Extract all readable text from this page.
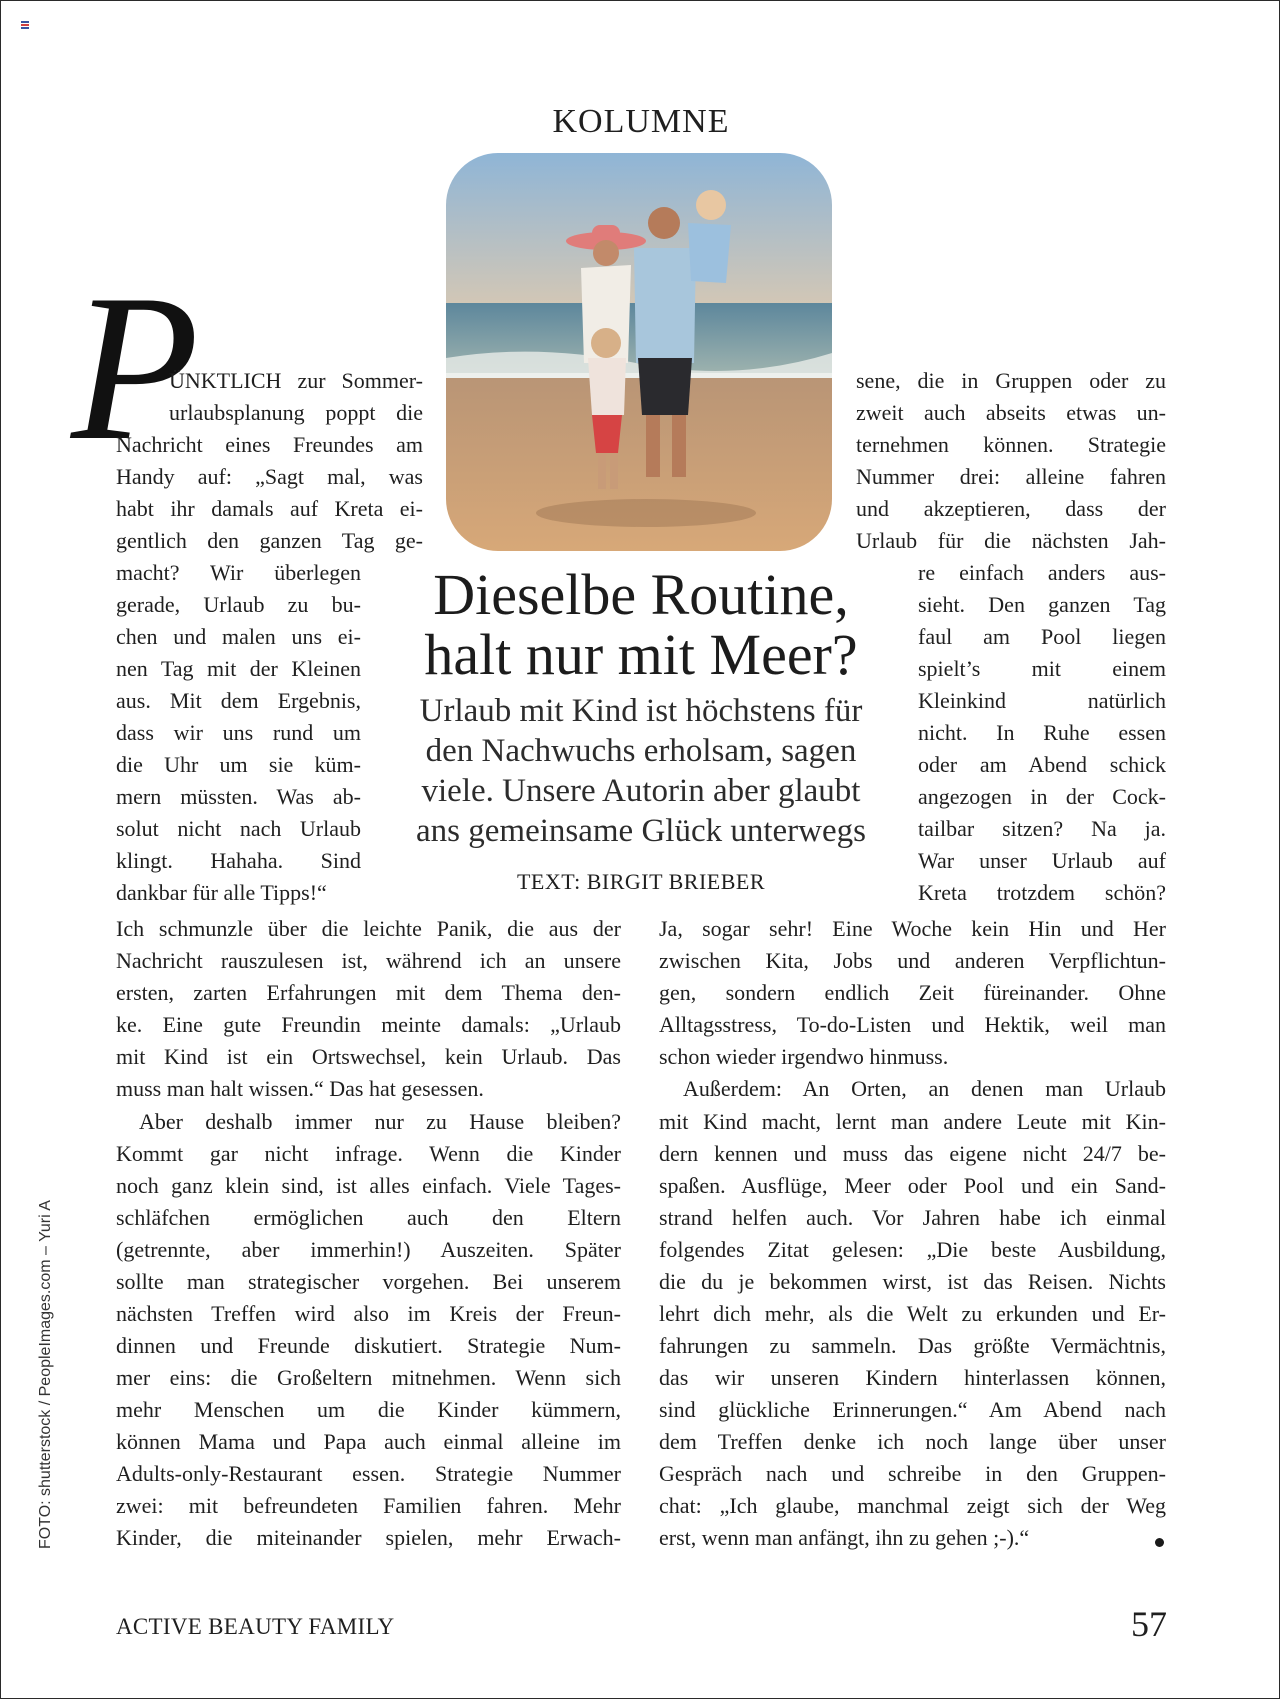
KOLUMNE
P
ÜNKTLICH zur Sommer-
urlaubsplanung poppt die
Nachricht eines Freundes am
Handy auf: „Sagt mal, was
habt ihr damals auf Kreta ei-
gentlich den ganzen Tag ge-
macht? Wir überlegen
gerade, Urlaub zu bu-
chen und malen uns ei-
nen Tag mit der Kleinen
aus. Mit dem Ergebnis,
dass wir uns rund um
die Uhr um sie küm-
mern müssten. Was ab-
solut nicht nach Urlaub
klingt. Hahaha. Sind
dankbar für alle Tipps!“
Dieselbe Routine,
halt nur mit Meer?
Urlaub mit Kind ist höchstens für
den Nachwuchs erholsam, sagen
viele. Unsere Autorin aber glaubt
ans gemeinsame Glück unterwegs
TEXT: BIRGIT BRIEBER
sene, die in Gruppen oder zu
zweit auch abseits etwas un-
ternehmen können. Strategie
Nummer drei: alleine fahren
und akzeptieren, dass der
Urlaub für die nächsten Jah-
re einfach anders aus-
sieht. Den ganzen Tag
faul am Pool liegen
spielt’s mit einem
Kleinkind natürlich
nicht. In Ruhe essen
oder am Abend schick
angezogen in der Cock-
tailbar sitzen? Na ja.
War unser Urlaub auf
Kreta trotzdem schön?
Ich schmunzle über die leichte Panik, die aus der
Nachricht rauszulesen ist, während ich an unsere
ersten, zarten Erfahrungen mit dem Thema den-
ke. Eine gute Freundin meinte damals: „Urlaub
mit Kind ist ein Ortswechsel, kein Urlaub. Das
muss man halt wissen.“ Das hat gesessen.
Aber deshalb immer nur zu Hause bleiben?
Kommt gar nicht infrage. Wenn die Kinder
noch ganz klein sind, ist alles einfach. Viele Tages-
schläfchen ermöglichen auch den Eltern
(getrennte, aber immerhin!) Auszeiten. Später
sollte man strategischer vorgehen. Bei unserem
nächsten Treffen wird also im Kreis der Freun-
dinnen und Freunde diskutiert. Strategie Num-
mer eins: die Großeltern mitnehmen. Wenn sich
mehr Menschen um die Kinder kümmern,
können Mama und Papa auch einmal alleine im
Adults-only-Restaurant essen. Strategie Nummer
zwei: mit befreundeten Familien fahren. Mehr
Kinder, die miteinander spielen, mehr Erwach-
Ja, sogar sehr! Eine Woche kein Hin und Her
zwischen Kita, Jobs und anderen Verpflichtun-
gen, sondern endlich Zeit füreinander. Ohne
Alltagsstress, To-do-Listen und Hektik, weil man
schon wieder irgendwo hinmuss.
Außerdem: An Orten, an denen man Urlaub
mit Kind macht, lernt man andere Leute mit Kin-
dern kennen und muss das eigene nicht 24/7 be-
spaßen. Ausflüge, Meer oder Pool und ein Sand-
strand helfen auch. Vor Jahren habe ich einmal
folgendes Zitat gelesen: „Die beste Ausbildung,
die du je bekommen wirst, ist das Reisen. Nichts
lehrt dich mehr, als die Welt zu erkunden und Er-
fahrungen zu sammeln. Das größte Vermächtnis,
das wir unseren Kindern hinterlassen können,
sind glückliche Erinnerungen.“ Am Abend nach
dem Treffen denke ich noch lange über unser
Gespräch nach und schreibe in den Gruppen-
chat: „Ich glaube, manchmal zeigt sich der Weg
erst, wenn man anfängt, ihn zu gehen ;-).“
FOTO: shutterstock / PeopleImages.com – Yuri A
ACTIVE BEAUTY FAMILY	57
